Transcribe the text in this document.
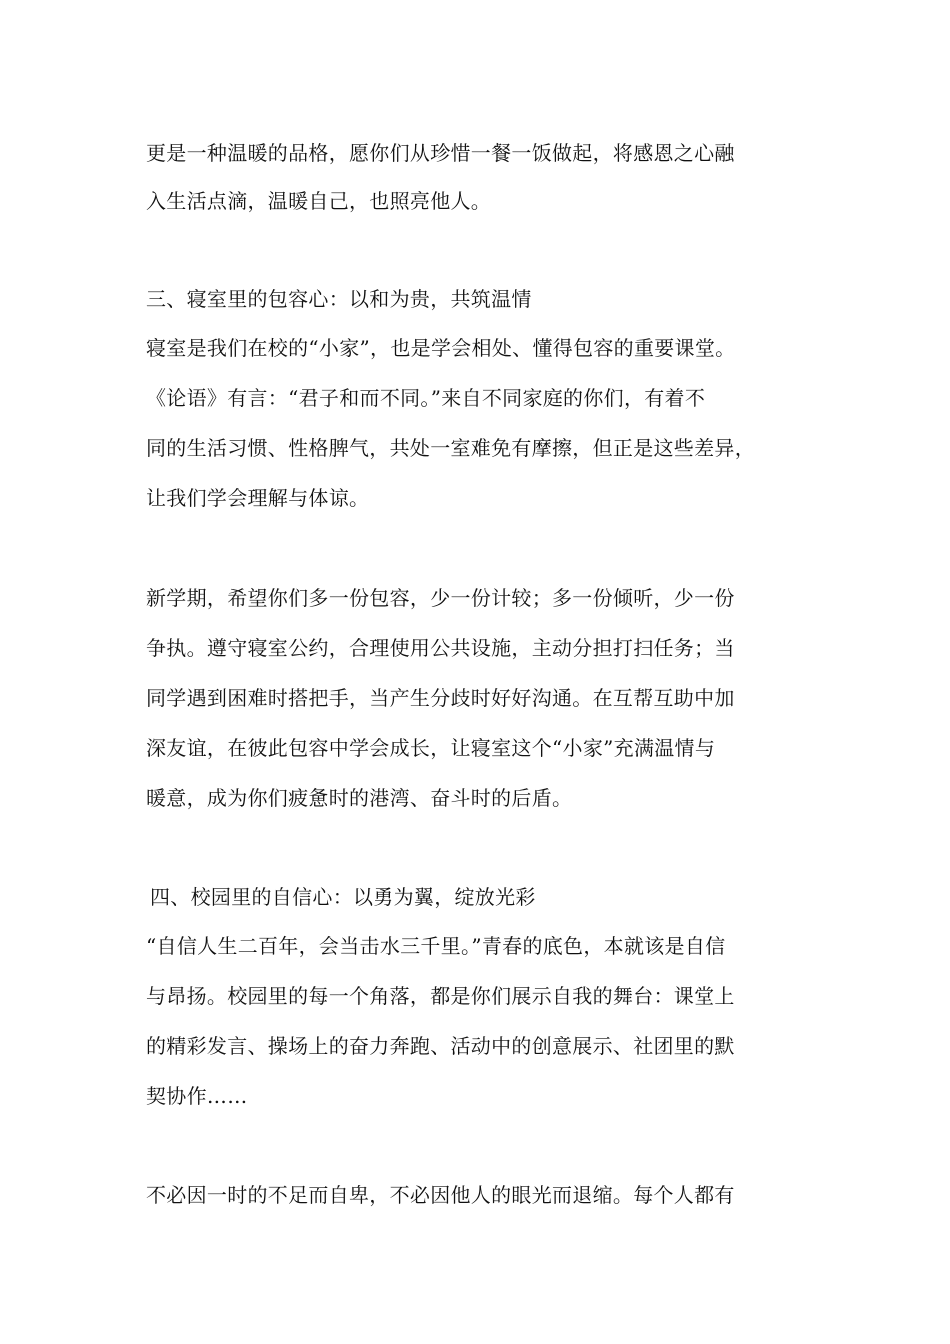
更是一种温暖的品格，愿你们从珍惜一餐一饭做起，将感恩之心融
入生活点滴，温暖自己，也照亮他人。
三、寝室里的包容心：以和为贵，共筑温情
寝室是我们在校的“小家”，也是学会相处、懂得包容的重要课堂。
《论语》有言：“君子和而不同。”来自不同家庭的你们，有着不
同的生活习惯、性格脾气，共处一室难免有摩擦，但正是这些差异，
让我们学会理解与体谅。
新学期，希望你们多一份包容，少一份计较；多一份倾听，少一份
争执。遵守寝室公约，合理使用公共设施，主动分担打扫任务；当
同学遇到困难时搭把手，当产生分歧时好好沟通。在互帮互助中加
深友谊，在彼此包容中学会成长，让寝室这个“小家”充满温情与
暖意，成为你们疲惫时的港湾、奋斗时的后盾。
四、校园里的自信心：以勇为翼，绽放光彩
“自信人生二百年，会当击水三千里。”青春的底色，本就该是自信
与昂扬。校园里的每一个角落，都是你们展示自我的舞台：课堂上
的精彩发言、操场上的奋力奔跑、活动中的创意展示、社团里的默
契协作……
不必因一时的不足而自卑，不必因他人的眼光而退缩。每个人都有
